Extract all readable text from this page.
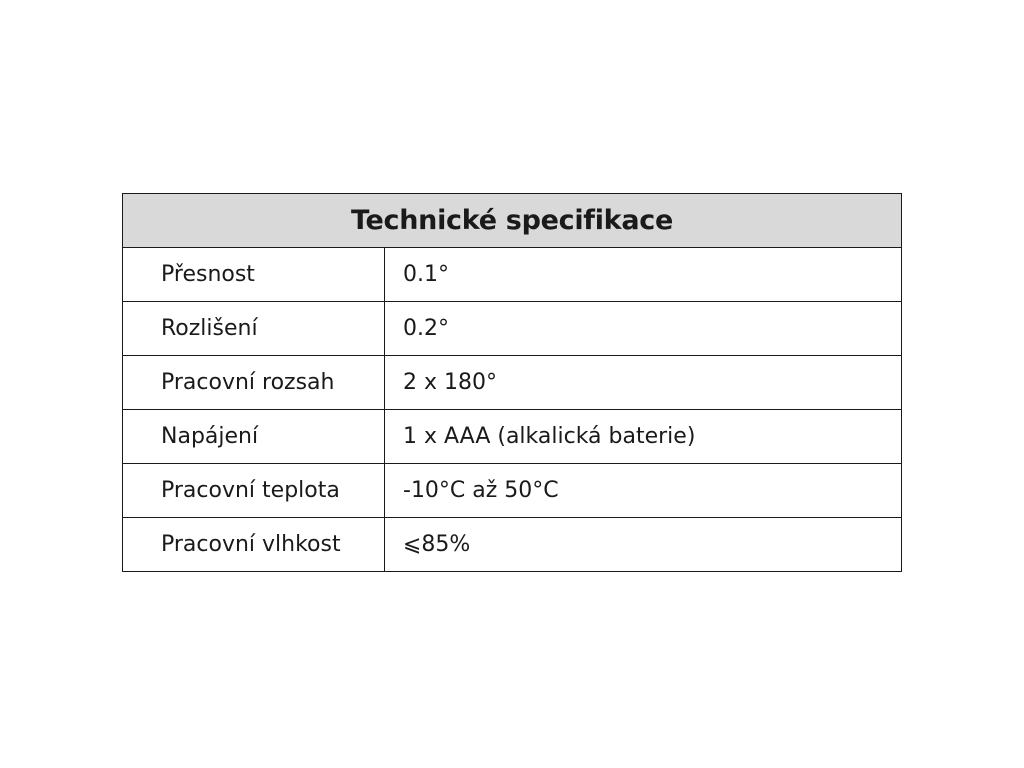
Technické specifikace	
Přesnost	0.1°
Rozlišení	0.2°
Pracovní rozsah	2 x 180°
Napájení	1 x AAA (alkalická baterie)
Pracovní teplota	-10°C až 50°C
Pracovní vlhkost	⩽85%
